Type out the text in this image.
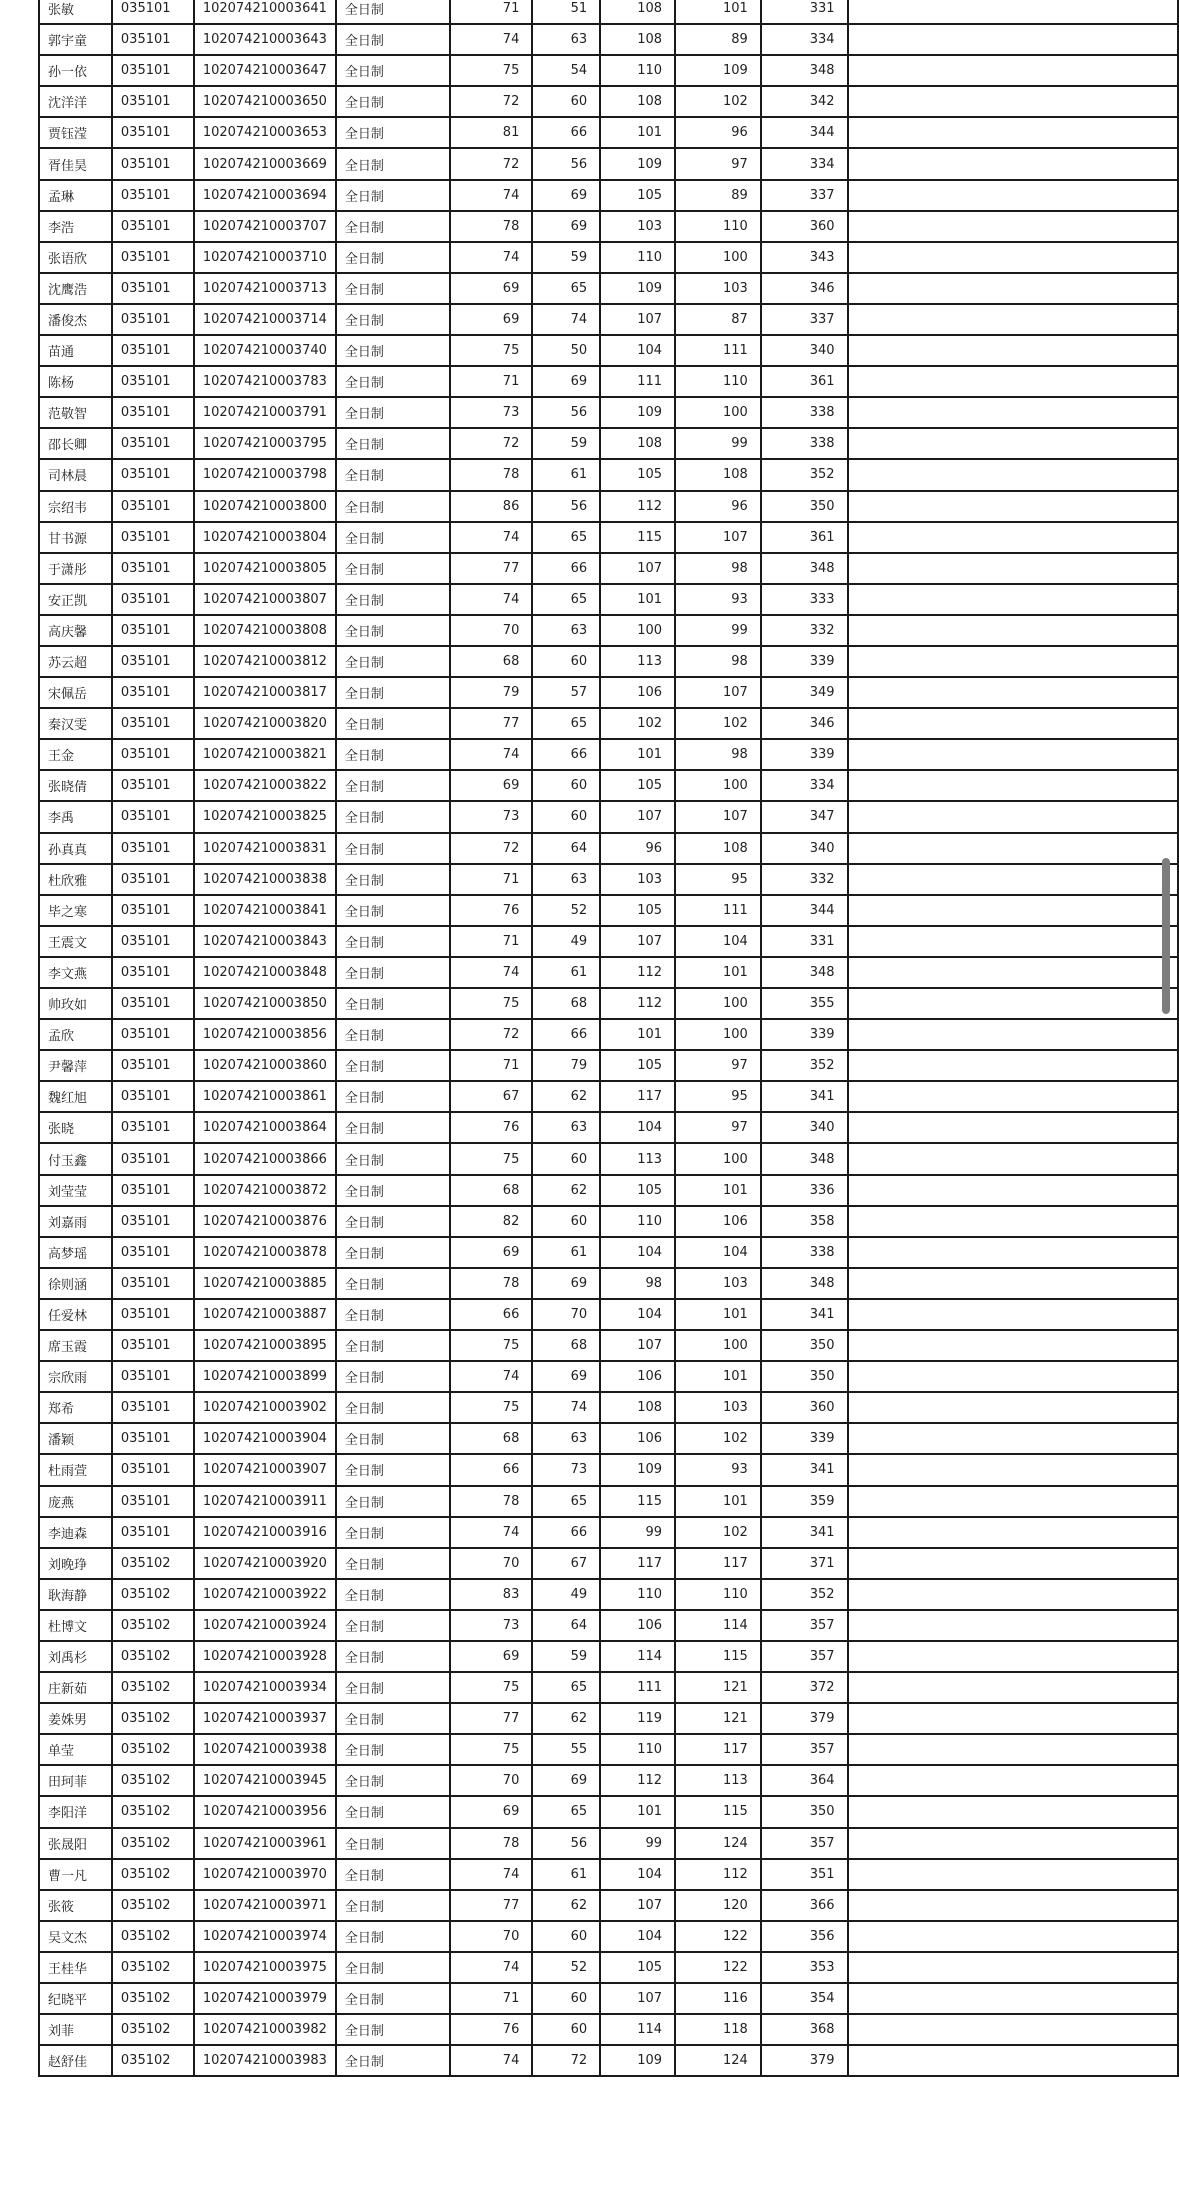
张敏	035101	102074210003641	全日制	71	51	108	101	331	
郭宇童	035101	102074210003643	全日制	74	63	108	89	334	
孙一依	035101	102074210003647	全日制	75	54	110	109	348	
沈洋洋	035101	102074210003650	全日制	72	60	108	102	342	
贾钰滢	035101	102074210003653	全日制	81	66	101	96	344	
胥佳昊	035101	102074210003669	全日制	72	56	109	97	334	
孟琳	035101	102074210003694	全日制	74	69	105	89	337	
李浩	035101	102074210003707	全日制	78	69	103	110	360	
张语欣	035101	102074210003710	全日制	74	59	110	100	343	
沈鹰浩	035101	102074210003713	全日制	69	65	109	103	346	
潘俊杰	035101	102074210003714	全日制	69	74	107	87	337	
苗通	035101	102074210003740	全日制	75	50	104	111	340	
陈杨	035101	102074210003783	全日制	71	69	111	110	361	
范敬智	035101	102074210003791	全日制	73	56	109	100	338	
邵长卿	035101	102074210003795	全日制	72	59	108	99	338	
司林晨	035101	102074210003798	全日制	78	61	105	108	352	
宗绍韦	035101	102074210003800	全日制	86	56	112	96	350	
甘书源	035101	102074210003804	全日制	74	65	115	107	361	
于潇彤	035101	102074210003805	全日制	77	66	107	98	348	
安正凯	035101	102074210003807	全日制	74	65	101	93	333	
高庆馨	035101	102074210003808	全日制	70	63	100	99	332	
苏云超	035101	102074210003812	全日制	68	60	113	98	339	
宋佩岳	035101	102074210003817	全日制	79	57	106	107	349	
秦汉雯	035101	102074210003820	全日制	77	65	102	102	346	
王金	035101	102074210003821	全日制	74	66	101	98	339	
张晓倩	035101	102074210003822	全日制	69	60	105	100	334	
李禹	035101	102074210003825	全日制	73	60	107	107	347	
孙真真	035101	102074210003831	全日制	72	64	96	108	340	
杜欣雅	035101	102074210003838	全日制	71	63	103	95	332	
毕之寒	035101	102074210003841	全日制	76	52	105	111	344	
王震文	035101	102074210003843	全日制	71	49	107	104	331	
李文燕	035101	102074210003848	全日制	74	61	112	101	348	
帅玫如	035101	102074210003850	全日制	75	68	112	100	355	
孟欣	035101	102074210003856	全日制	72	66	101	100	339	
尹馨萍	035101	102074210003860	全日制	71	79	105	97	352	
魏红旭	035101	102074210003861	全日制	67	62	117	95	341	
张晓	035101	102074210003864	全日制	76	63	104	97	340	
付玉鑫	035101	102074210003866	全日制	75	60	113	100	348	
刘莹莹	035101	102074210003872	全日制	68	62	105	101	336	
刘嘉雨	035101	102074210003876	全日制	82	60	110	106	358	
高梦瑶	035101	102074210003878	全日制	69	61	104	104	338	
徐则涵	035101	102074210003885	全日制	78	69	98	103	348	
任爱林	035101	102074210003887	全日制	66	70	104	101	341	
席玉霞	035101	102074210003895	全日制	75	68	107	100	350	
宗欣雨	035101	102074210003899	全日制	74	69	106	101	350	
郑希	035101	102074210003902	全日制	75	74	108	103	360	
潘颖	035101	102074210003904	全日制	68	63	106	102	339	
杜雨萱	035101	102074210003907	全日制	66	73	109	93	341	
庞燕	035101	102074210003911	全日制	78	65	115	101	359	
李迪森	035101	102074210003916	全日制	74	66	99	102	341	
刘晚琤	035102	102074210003920	全日制	70	67	117	117	371	
耿海静	035102	102074210003922	全日制	83	49	110	110	352	
杜博文	035102	102074210003924	全日制	73	64	106	114	357	
刘禹杉	035102	102074210003928	全日制	69	59	114	115	357	
庄新茹	035102	102074210003934	全日制	75	65	111	121	372	
姜姝男	035102	102074210003937	全日制	77	62	119	121	379	
单莹	035102	102074210003938	全日制	75	55	110	117	357	
田珂菲	035102	102074210003945	全日制	70	69	112	113	364	
李阳洋	035102	102074210003956	全日制	69	65	101	115	350	
张晟阳	035102	102074210003961	全日制	78	56	99	124	357	
曹一凡	035102	102074210003970	全日制	74	61	104	112	351	
张筱	035102	102074210003971	全日制	77	62	107	120	366	
吴文杰	035102	102074210003974	全日制	70	60	104	122	356	
王桂华	035102	102074210003975	全日制	74	52	105	122	353	
纪晓平	035102	102074210003979	全日制	71	60	107	116	354	
刘菲	035102	102074210003982	全日制	76	60	114	118	368	
赵舒佳	035102	102074210003983	全日制	74	72	109	124	379	
